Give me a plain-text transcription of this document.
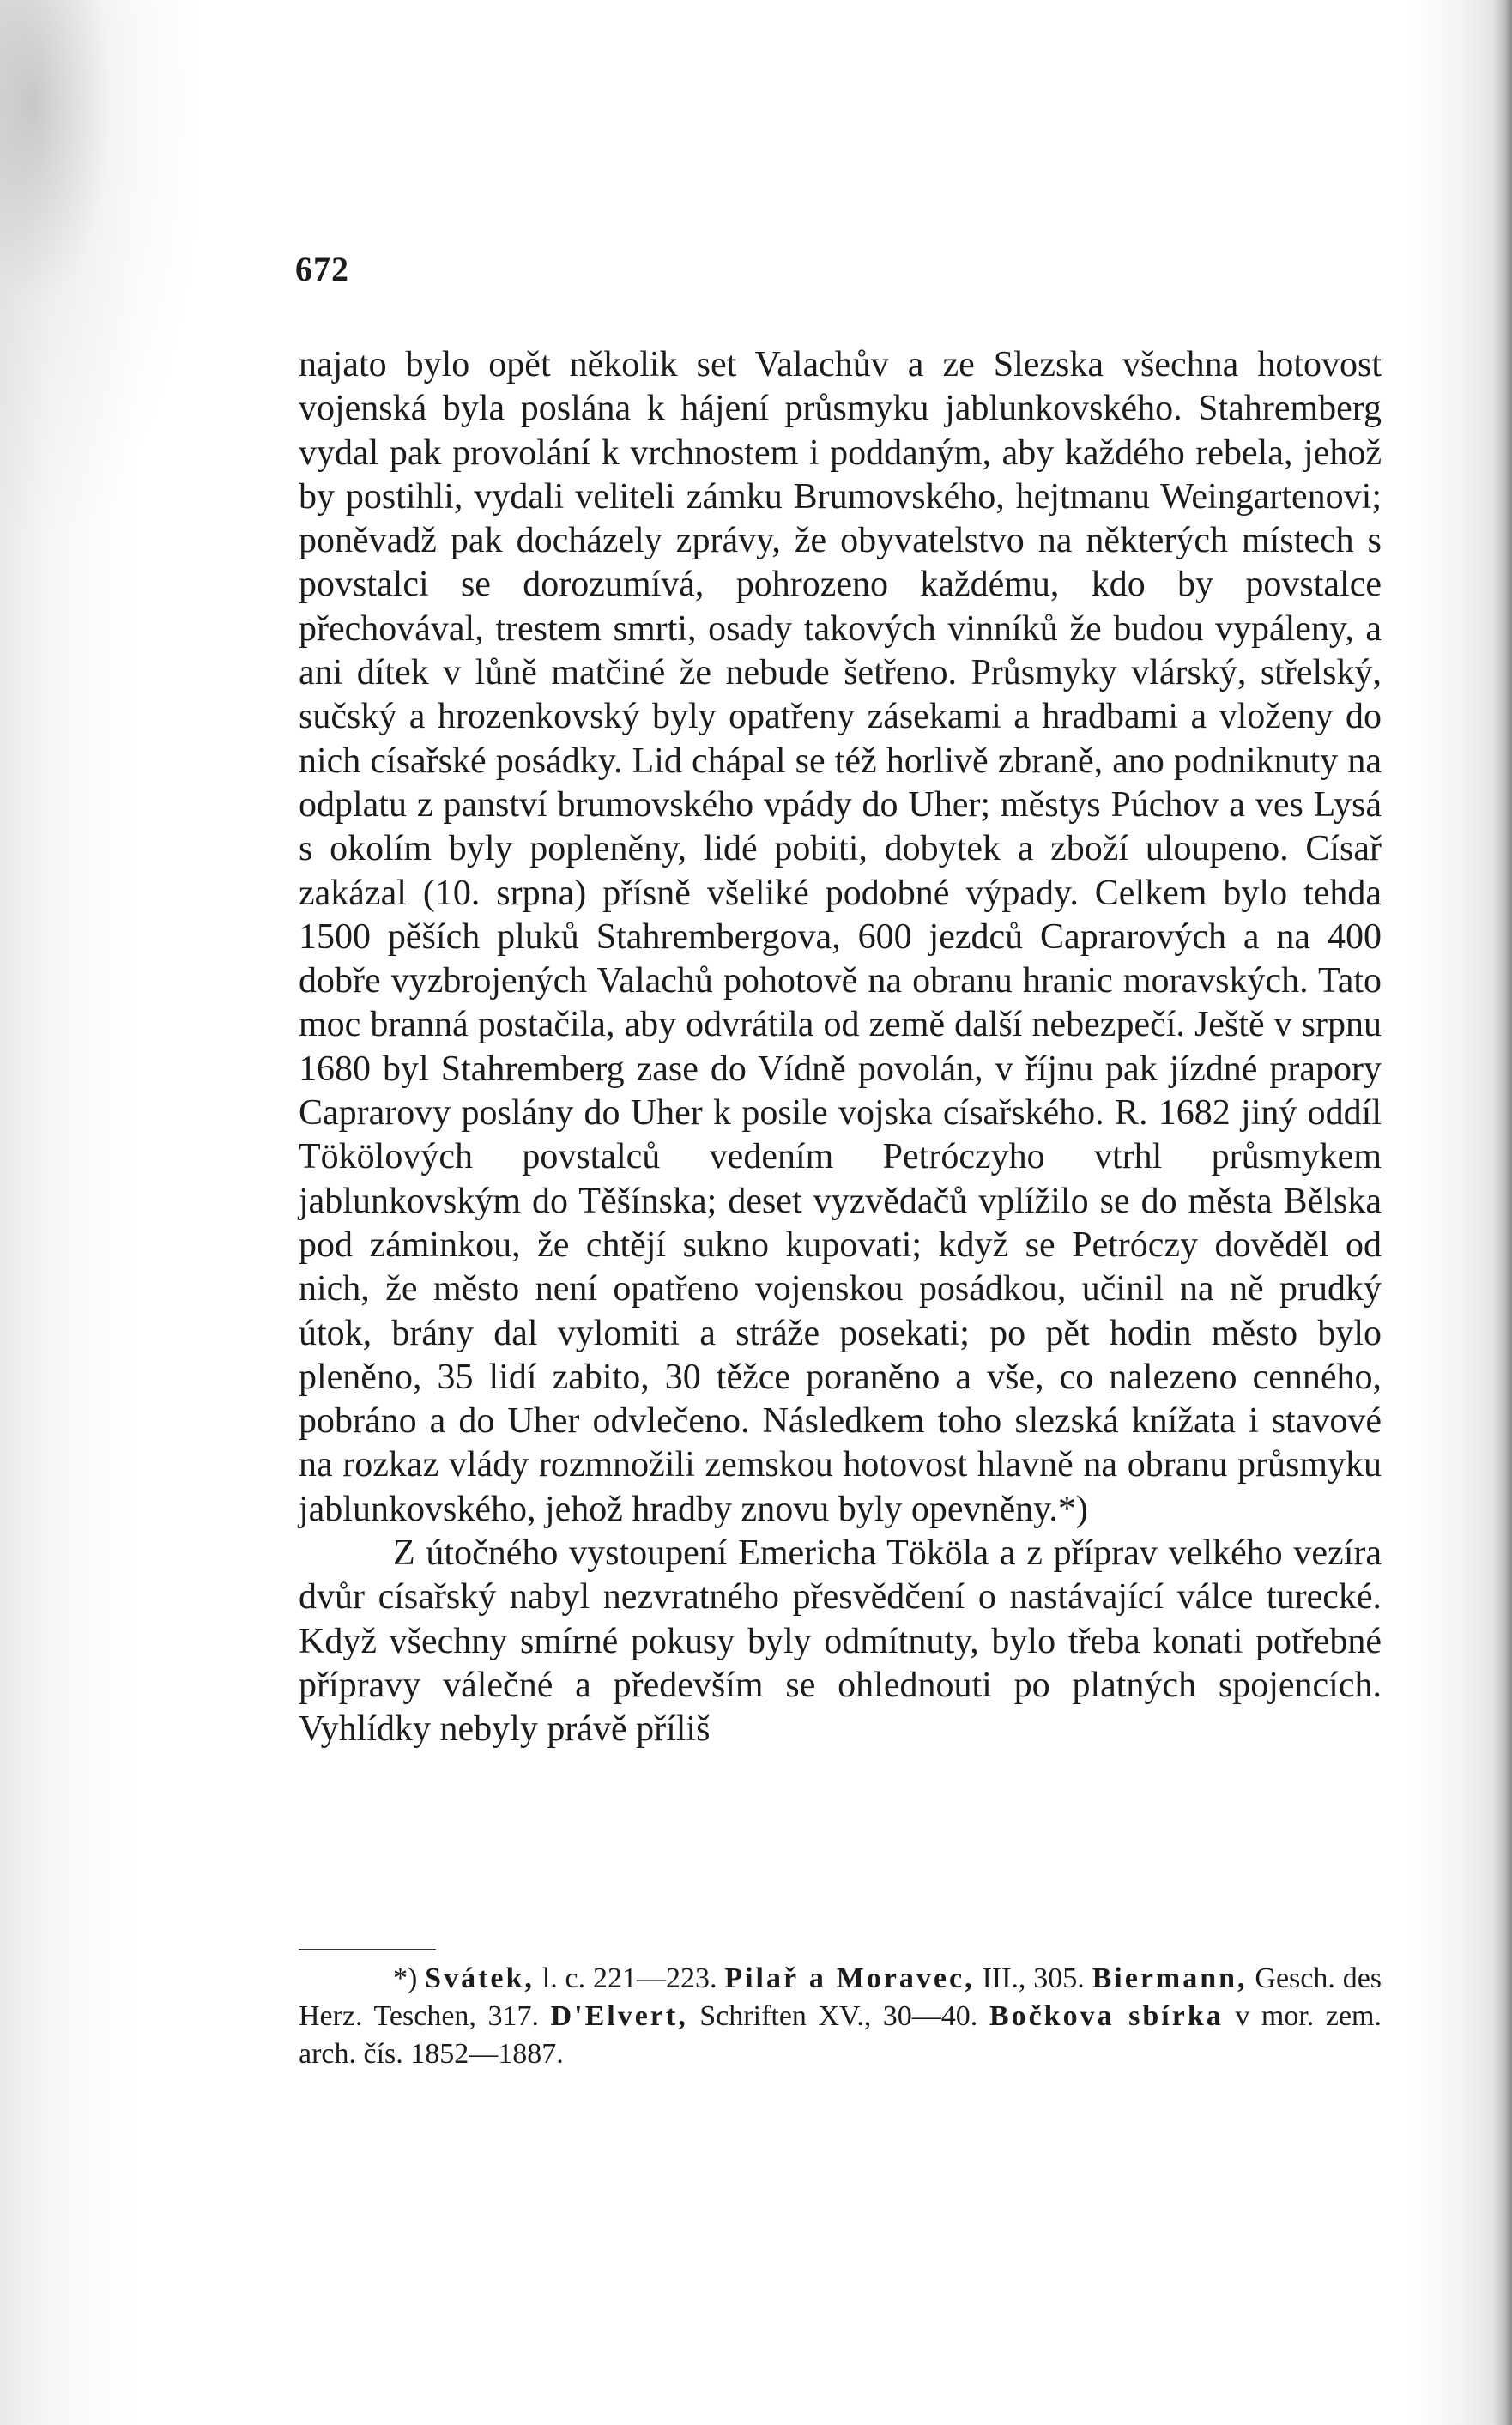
672

najato bylo opět několik set Valachův a ze Slezska všechna hotovost vojenská byla poslána k hájení průsmyku jablunkovského. Stahremberg vydal pak provolání k vrchnostem i poddaným, aby každého rebela, jehož by postihli, vydali veliteli zámku Brumovského, hejtmanu Weingartenovi; poněvadž pak docházely zprávy, že obyvatelstvo na některých místech s povstalci se dorozumívá, pohrozeno každému, kdo by povstalce přechovával, trestem smrti, osady takových vinníků že budou vypáleny, a ani dítek v lůně matčiné že nebude šetřeno. Průsmyky vlárský, střelský, sučský a hrozenkovský byly opatřeny zásekami a hradbami a vloženy do nich císařské posádky. Lid chápal se též horlivě zbraně, ano podniknuty na odplatu z panství brumovského vpády do Uher; městys Púchov a ves Lysá s okolím byly popleněny, lidé pobiti, dobytek a zboží uloupeno. Císař zakázal (10. srpna) přísně všeliké podobné výpady. Celkem bylo tehda 1500 pěších pluků Stahrembergova, 600 jezdců Caprarových a na 400 dobře vyzbrojených Valachů pohotově na obranu hranic moravských. Tato moc branná postačila, aby odvrátila od země další nebezpečí. Ještě v srpnu 1680 byl Stahremberg zase do Vídně povolán, v říjnu pak jízdné prapory Caprarovy poslány do Uher k posile vojska císařského. R. 1682 jiný oddíl Tökölových povstalců vedením Petróczyho vtrhl průsmykem jablunkovským do Těšínska; deset vyzvědačů vplížilo se do města Bělska pod záminkou, že chtějí sukno kupovati; když se Petróczy dověděl od nich, že město není opatřeno vojenskou posádkou, učinil na ně prudký útok, brány dal vylomiti a stráže posekati; po pět hodin město bylo pleněno, 35 lidí zabito, 30 těžce poraněno a vše, co nalezeno cenného, pobráno a do Uher odvlečeno. Následkem toho slezská knížata i stavové na rozkaz vlády rozmnožili zemskou hotovost hlavně na obranu průsmyku jablunkovského, jehož hradby znovu byly opevněny.*)

Z útočného vystoupení Emericha Tököla a z příprav velkého vezíra dvůr císařský nabyl nezvratného přesvědčení o nastávající válce turecké. Když všechny smírné pokusy byly odmítnuty, bylo třeba konati potřebné přípravy válečné a především se ohlednouti po platných spojencích. Vyhlídky nebyly právě příliš

*) Svátek, l. c. 221—223. Pilař a Moravec, III., 305. Biermann, Gesch. des Herz. Teschen, 317. D'Elvert, Schriften XV., 30—40. Bočkova sbírka v mor. zem. arch. čís. 1852—1887.
